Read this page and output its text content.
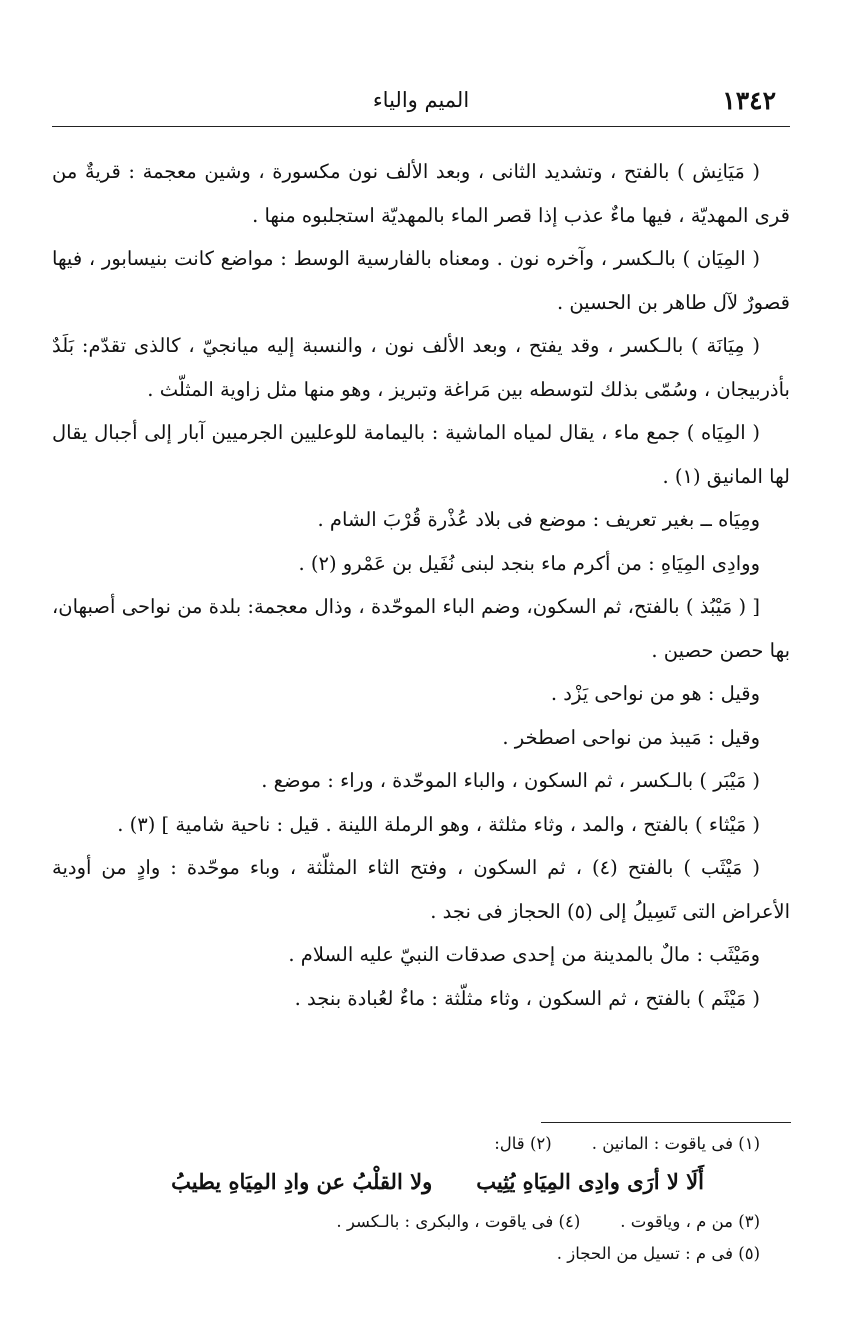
١٣٤٢
الميم والياء

( مَيَانِش ) بالفتح ، وتشديد الثانى ، وبعد الألف نون مكسورة ، وشين معجمة : قريةٌ من قرى المهديّة ، فيها ماءٌ عذب إذا قصر الماء بالمهديّة استجلبوه منها .

( المِيَان ) بالـكسر ، وآخره نون . ومعناه بالفارسية الوسط : مواضع كانت بنيسابور ، فيها قصورٌ لآل طاهر بن الحسين .

( مِيَانَة ) بالـكسر ، وقد يفتح ، وبعد الألف نون ، والنسبة إليه ميانجيّ ، كالذى تقدّم: بَلَدٌ بأذربيجان ، وسُمّى بذلك لتوسطه بين مَراغة وتبريز ، وهو منها مثل زاوية المثلّث .

( المِيَاه ) جمع ماء ، يقال لمياه الماشية : باليمامة للوعليين الجرميين آبار إلى أجبال يقال لها المانيق (١) .

ومِيَاه ــ بغير تعريف : موضع فى بلاد عُذْرة قُرْبَ الشام .

ووادِى المِيَاهِ : من أكرم ماء بنجد لبنى نُفَيل بن عَمْرو (٢) .

[ ( مَيْبُذ ) بالفتح، ثم السكون، وضم الباء الموحّدة ، وذال معجمة: بلدة من نواحى أصبهان، بها حصن حصين .

وقيل : هو من نواحى يَزْد .

وقيل : مَيبذ من نواحى اصطخر .

( مَيْبَر ) بالـكسر ، ثم السكون ، والباء الموحّدة ، وراء : موضع .

( مَيْثاء ) بالفتح ، والمد ، وثاء مثلثة ، وهو الرملة اللينة . قيل : ناحية شامية ] (٣) .

( مَيْثَب ) بالفتح (٤) ، ثم السكون ، وفتح الثاء المثلّثة ، وباء موحّدة : وادٍ من أودية الأعراض التى تَسِيلُ إلى (٥) الحجاز فى نجد .

ومَيْثَب : مالٌ بالمدينة من إحدى صدقات النبيّ عليه السلام .

( مَيْثَم ) بالفتح ، ثم السكون ، وثاء مثلّثة : ماءٌ لعُبادة بنجد .

(١) فى ياقوت : المانين .(٢) قال:

أَلَا لا أرَى وادِى المِيَاهِ يُثِيبولا القلْبُ عن وادِ المِيَاهِ يطيبُ

(٣) من م ، وياقوت .(٤) فى ياقوت ، والبكرى : بالـكسر .

(٥) فى م : تسيل من الحجاز .
